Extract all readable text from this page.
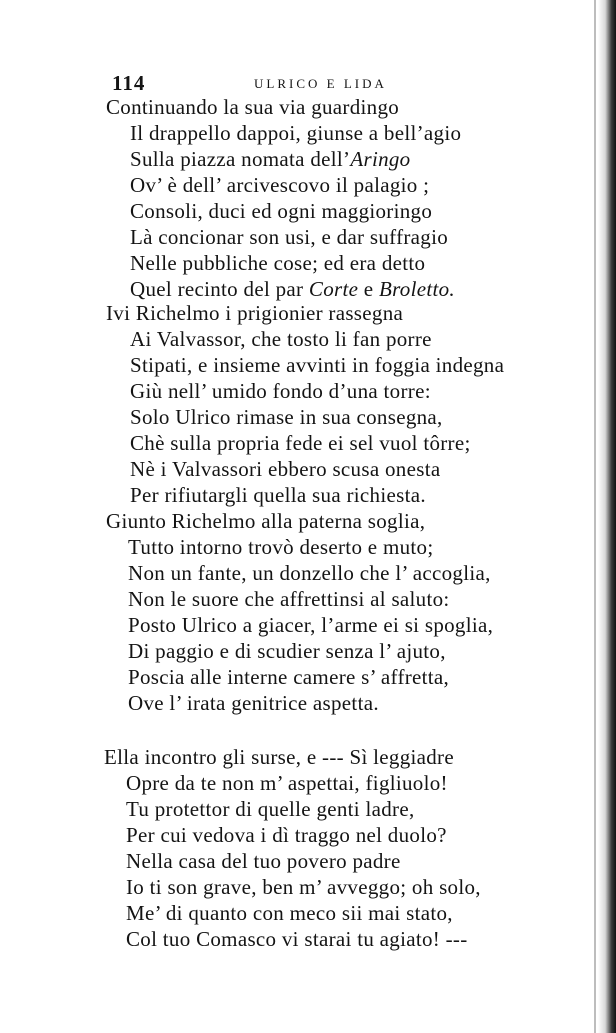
114	ULRICO E LIDA
Continuando la sua via guardingo
Il drappello dappoi, giunse a bell’agio
Sulla piazza nomata dell’Aringo
Ov’ è dell’ arcivescovo il palagio ;
Consoli, duci ed ogni maggioringo
Là concionar son usi, e dar suffragio
Nelle pubbliche cose; ed era detto
Quel recinto del par Corte e Broletto.
Ivi Richelmo i prigionier rassegna
Ai Valvassor, che tosto li fan porre
Stipati, e insieme avvinti in foggia indegna
Giù nell’ umido fondo d’una torre:
Solo Ulrico rimase in sua consegna,
Chè sulla propria fede ei sel vuol tôrre;
Nè i Valvassori ebbero scusa onesta
Per rifiutargli quella sua richiesta.
Giunto Richelmo alla paterna soglia,
Tutto intorno trovò deserto e muto;
Non un fante, un donzello che l’ accoglia,
Non le suore che affrettinsi al saluto:
Posto Ulrico a giacer, l’arme ei si spoglia,
Di paggio e di scudier senza l’ ajuto,
Poscia alle interne camere s’ affretta,
Ove l’ irata genitrice aspetta.
Ella incontro gli surse, e --- Sì leggiadre
Opre da te non m’ aspettai, figliuolo!
Tu protettor di quelle genti ladre,
Per cui vedova i dì traggo nel duolo?
Nella casa del tuo povero padre
Io ti son grave, ben m’ avveggo; oh solo,
Me’ di quanto con meco sii mai stato,
Col tuo Comasco vi starai tu agiato! ---
